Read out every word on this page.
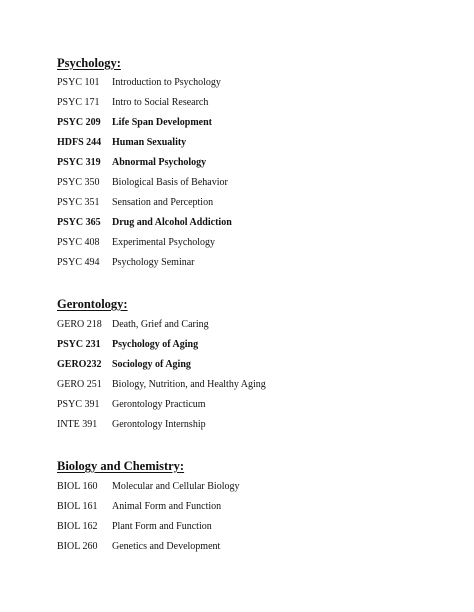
Psychology:
PSYC 101 Introduction to Psychology
PSYC 171 Intro to Social Research
PSYC 209 Life Span Development
HDFS 244 Human Sexuality
PSYC 319 Abnormal Psychology
PSYC 350 Biological Basis of Behavior
PSYC 351 Sensation and Perception
PSYC 365 Drug and Alcohol Addiction
PSYC 408 Experimental Psychology
PSYC 494 Psychology Seminar
Gerontology:
GERO 218 Death, Grief and Caring
PSYC 231 Psychology of Aging
GERO232 Sociology of Aging
GERO 251 Biology, Nutrition, and Healthy Aging
PSYC 391 Gerontology Practicum
INTE 391 Gerontology Internship
Biology and Chemistry:
BIOL 160 Molecular and Cellular Biology
BIOL 161 Animal Form and Function
BIOL 162 Plant Form and Function
BIOL 260 Genetics and Development
